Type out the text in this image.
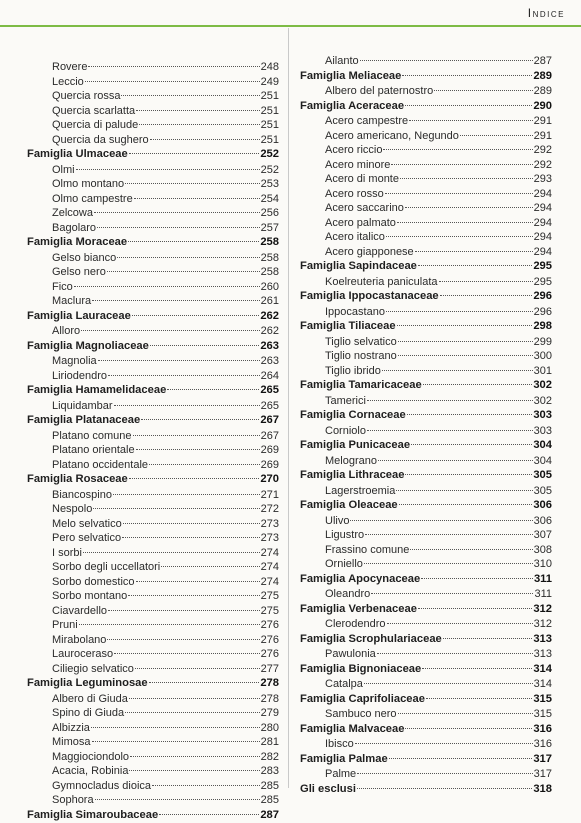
Indice
Rovere	248
Leccio	249
Quercia rossa	251
Quercia scarlatta	251
Quercia di palude	251
Quercia da sughero	251
Famiglia Ulmaceae	252
Olmi	252
Olmo montano	253
Olmo campestre	254
Zelcowa	256
Bagolaro	257
Famiglia Moraceae	258
Gelso bianco	258
Gelso nero	258
Fico	260
Maclura	261
Famiglia Lauraceae	262
Alloro	262
Famiglia Magnoliaceae	263
Magnolia	263
Liriodendro	264
Famiglia Hamamelidaceae	265
Liquidambar	265
Famiglia Platanaceae	267
Platano comune	267
Platano orientale	269
Platano occidentale	269
Famiglia Rosaceae	270
Biancospino	271
Nespolo	272
Melo selvatico	273
Pero selvatico	273
I sorbi	274
Sorbo degli uccellatori	274
Sorbo domestico	274
Sorbo montano	275
Ciavardello	275
Pruni	276
Mirabolano	276
Lauroceraso	276
Ciliegio selvatico	277
Famiglia Leguminosae	278
Albero di Giuda	278
Spino di Giuda	279
Albizzia	280
Mimosa	281
Maggiociondolo	282
Acacia, Robinia	283
Gymnocladus dioica	285
Sophora	285
Famiglia Simaroubaceae	287
Ailanto	287
Famiglia Meliaceae	289
Albero del paternostro	289
Famiglia Aceraceae	290
Acero campestre	291
Acero americano, Negundo	291
Acero riccio	292
Acero minore	292
Acero di monte	293
Acero rosso	294
Acero saccarino	294
Acero palmato	294
Acero italico	294
Acero giapponese	294
Famiglia Sapindaceae	295
Koelreuteria paniculata	295
Famiglia Ippocastanaceae	296
Ippocastano	296
Famiglia Tiliaceae	298
Tiglio selvatico	299
Tiglio nostrano	300
Tiglio ibrido	301
Famiglia Tamaricaceae	302
Tamerici	302
Famiglia Cornaceae	303
Corniolo	303
Famiglia Punicaceae	304
Melograno	304
Famiglia Lithraceae	305
Lagerstroemia	305
Famiglia Oleaceae	306
Ulivo	306
Ligustro	307
Frassino comune	308
Orniello	310
Famiglia Apocynaceae	311
Oleandro	311
Famiglia Verbenaceae	312
Clerodendro	312
Famiglia Scrophulariaceae	313
Pawulonia	313
Famiglia Bignoniaceae	314
Catalpa	314
Famiglia Caprifoliaceae	315
Sambuco nero	315
Famiglia Malvaceae	316
Ibisco	316
Famiglia Palmae	317
Palme	317
Gli esclusi	318
